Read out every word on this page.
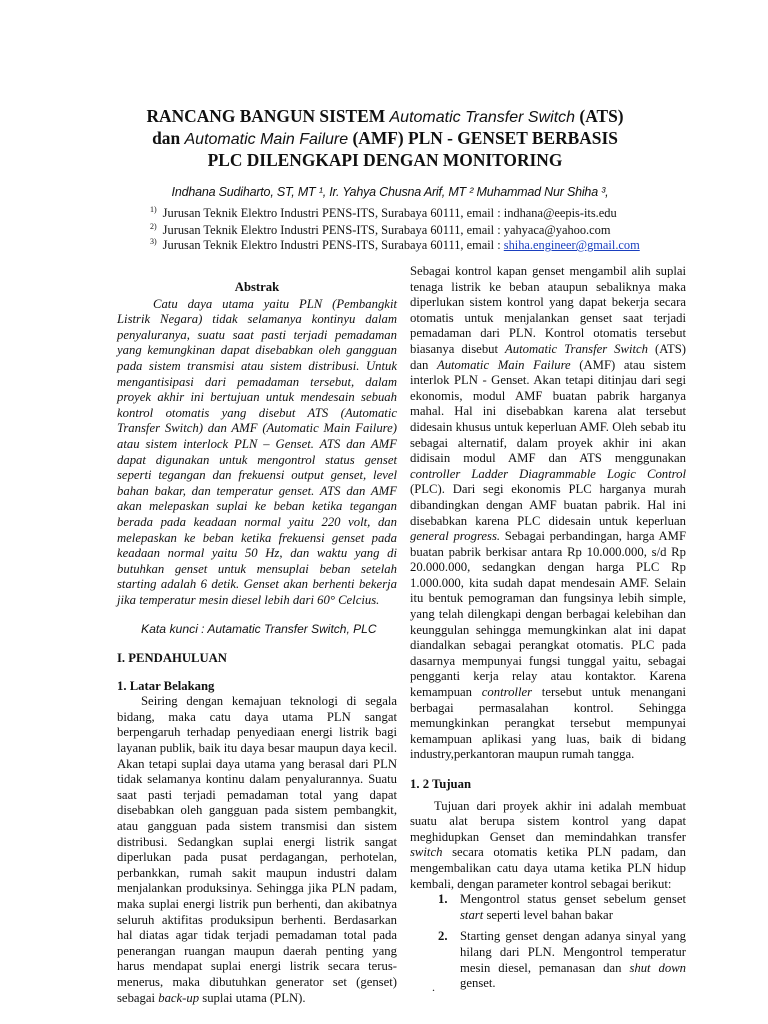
RANCANG BANGUN SISTEM Automatic Transfer Switch (ATS)
dan Automatic Main Failure (AMF) PLN - GENSET BERBASIS
PLC DILENGKAPI DENGAN MONITORING
Indhana Sudiharto, ST, MT ¹, Ir. Yahya Chusna Arif, MT ² Muhammad Nur Shiha ³,
$^{1)}$ Jurusan Teknik Elektro Industri PENS-ITS, Surabaya 60111, email : indhana@eepis-its.edu
$^{2)}$ Jurusan Teknik Elektro Industri PENS-ITS, Surabaya 60111, email : yahyaca@yahoo.com
$^{3)}$ Jurusan Teknik Elektro Industri PENS-ITS, Surabaya 60111, email : shiha.engineer@gmail.com

Abstrak

Catu daya utama yaitu PLN (Pembangkit Listrik Negara) tidak selamanya kontinyu dalam penyaluranya, suatu saat pasti terjadi pemadaman yang kemungkinan dapat disebabkan oleh gangguan pada sistem transmisi atau sistem distribusi. Untuk mengantisipasi dari pemadaman tersebut, dalam proyek akhir ini bertujuan untuk mendesain sebuah kontrol otomatis yang disebut ATS (Automatic Transfer Switch) dan AMF (Automatic Main Failure) atau sistem interlock PLN – Genset. ATS dan AMF dapat digunakan untuk mengontrol status genset seperti tegangan dan frekuensi output genset, level bahan bakar, dan temperatur genset. ATS dan AMF akan melepaskan suplai ke beban ketika tegangan berada pada keadaan normal yaitu 220 volt, dan melepaskan ke beban ketika frekuensi genset pada keadaan normal yaitu 50 Hz, dan waktu yang di butuhkan genset untuk mensuplai beban setelah starting adalah 6 detik. Genset akan berhenti bekerja jika temperatur mesin diesel lebih dari 60° Celcius.

Kata kunci : Autamatic Transfer Switch, PLC

I. PENDAHULUAN

1. Latar Belakang

Seiring dengan kemajuan teknologi di segala bidang, maka catu daya utama PLN sangat berpengaruh terhadap penyediaan energi listrik bagi layanan publik, baik itu daya besar maupun daya kecil. Akan tetapi suplai daya utama yang berasal dari PLN tidak selamanya kontinu dalam penyalurannya. Suatu saat pasti terjadi pemadaman total yang dapat disebabkan oleh gangguan pada sistem pembangkit, atau gangguan pada sistem transmisi dan sistem distribusi. Sedangkan suplai energi listrik sangat diperlukan pada pusat perdagangan, perhotelan, perbankkan, rumah sakit maupun industri dalam menjalankan produksinya. Sehingga jika PLN padam, maka suplai energi listrik pun berhenti, dan akibatnya seluruh aktifitas produksipun berhenti. Berdasarkan hal diatas agar tidak terjadi pemadaman total pada penerangan ruangan maupun daerah penting yang harus mendapat suplai energi listrik secara terus-menerus, maka dibutuhkan generator set (genset) sebagai back-up suplai utama (PLN).

Sebagai kontrol kapan genset mengambil alih suplai tenaga listrik ke beban ataupun sebaliknya maka diperlukan sistem kontrol yang dapat bekerja secara otomatis untuk menjalankan genset saat terjadi pemadaman dari PLN. Kontrol otomatis tersebut biasanya disebut Automatic Transfer Switch (ATS) dan Automatic Main Failure (AMF) atau sistem interlok PLN - Genset. Akan tetapi ditinjau dari segi ekonomis, modul AMF buatan pabrik harganya mahal. Hal ini disebabkan karena alat tersebut didesain khusus untuk keperluan AMF. Oleh sebab itu sebagai alternatif, dalam proyek akhir ini akan didisain modul AMF dan ATS menggunakan controller Ladder Diagrammable Logic Control (PLC). Dari segi ekonomis PLC harganya murah dibandingkan dengan AMF buatan pabrik. Hal ini disebabkan karena PLC didesain untuk keperluan general progress. Sebagai perbandingan, harga AMF buatan pabrik berkisar antara Rp 10.000.000, s/d Rp 20.000.000, sedangkan dengan harga PLC Rp 1.000.000, kita sudah dapat mendesain AMF. Selain itu bentuk pemograman dan fungsinya lebih simple, yang telah dilengkapi dengan berbagai kelebihan dan keunggulan sehingga memungkinkan alat ini dapat diandalkan sebagai perangkat otomatis. PLC pada dasarnya mempunyai fungsi tunggal yaitu, sebagai pengganti kerja relay atau kontaktor. Karena kemampuan controller tersebut untuk menangani berbagai permasalahan kontrol. Sehingga memungkinkan perangkat tersebut mempunyai kemampuan aplikasi yang luas, baik di bidang industry,perkantoran maupun rumah tangga.

1. 2 Tujuan

Tujuan dari proyek akhir ini adalah membuat suatu alat berupa sistem kontrol yang dapat meghidupkan Genset dan memindahkan transfer switch secara otomatis ketika PLN padam, dan mengembalikan catu daya utama ketika PLN hidup kembali, dengan parameter kontrol sebagai berikut:

1. Mengontrol status genset sebelum genset start seperti level bahan bakar
2. Starting genset dengan adanya sinyal yang hilang dari PLN. Mengontrol temperatur mesin diesel, pemanasan dan shut down genset.
.
